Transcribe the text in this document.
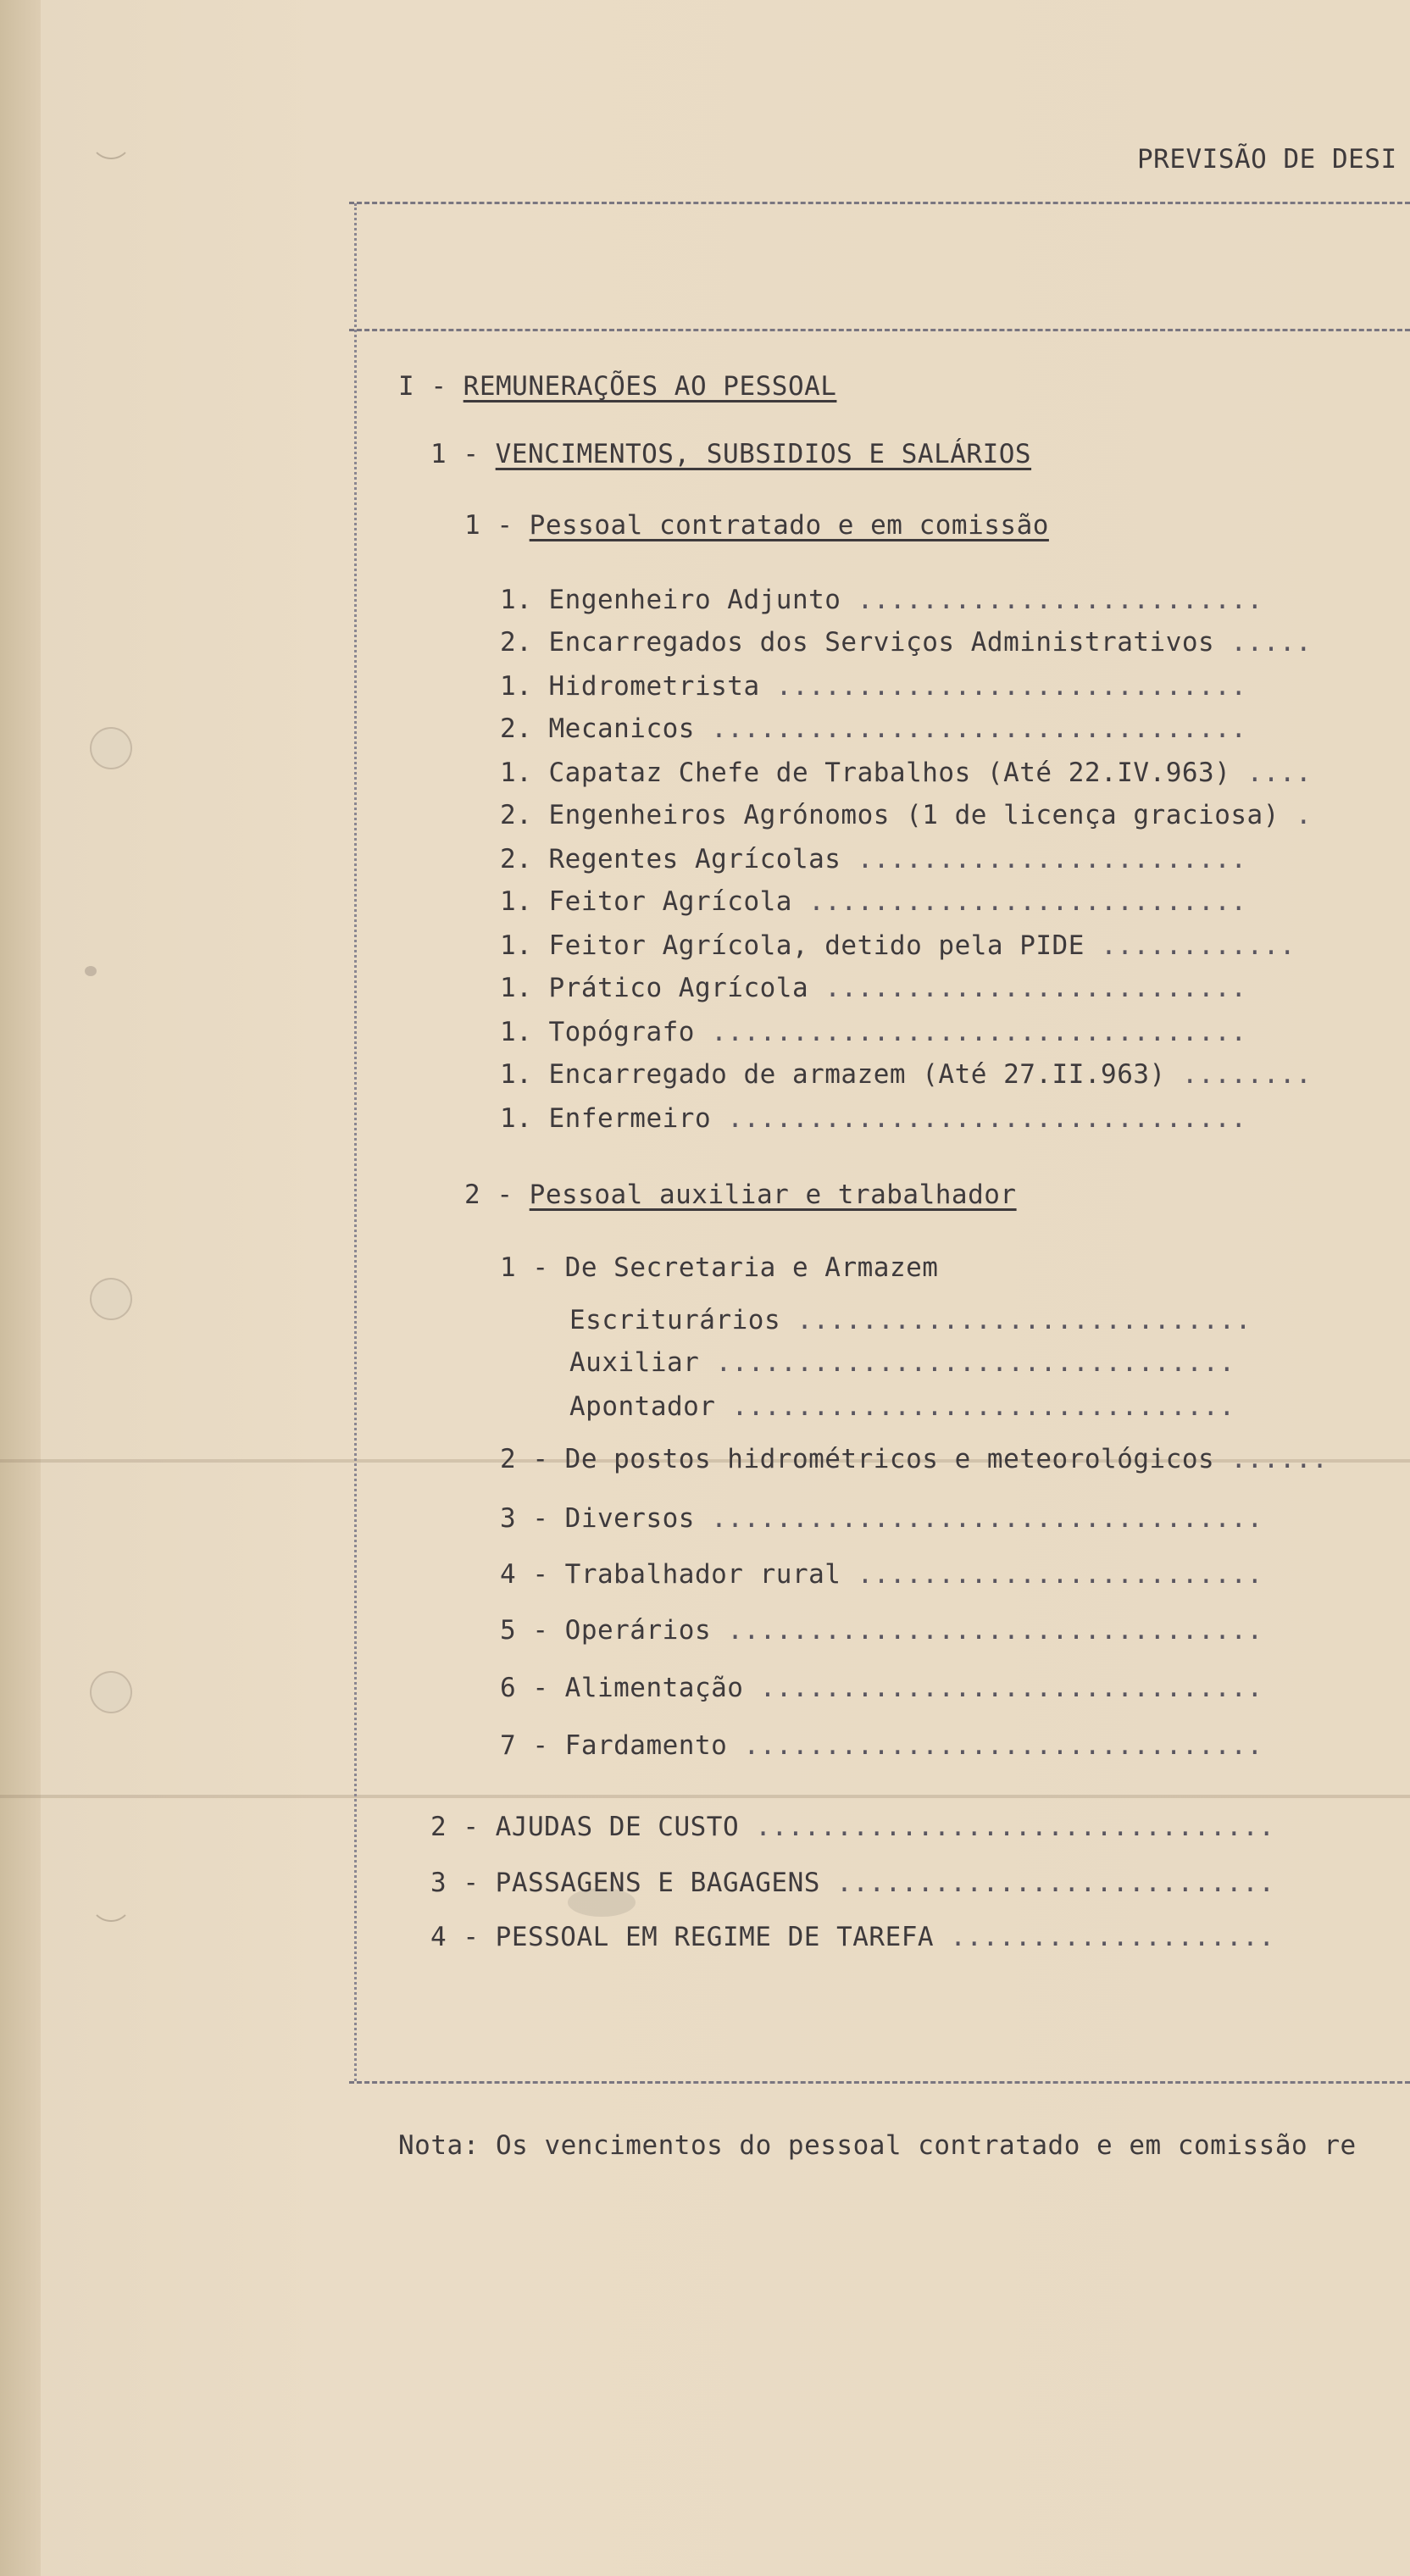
PREVISÃO DE DESI
I - REMUNERAÇÕES AO PESSOAL
1 - VENCIMENTOS, SUBSIDIOS E SALÁRIOS
1 - Pessoal contratado e em comissão
1. Engenheiro Adjunto .........................
2. Encarregados dos Serviços Administrativos .....
1. Hidrometrista .............................
2. Mecanicos .................................
1. Capataz Chefe de Trabalhos (Até 22.IV.963) ....
2. Engenheiros Agrónomos (1 de licença graciosa) .
2. Regentes Agrícolas ........................
1. Feitor Agrícola ...........................
1. Feitor Agrícola, detido pela PIDE ............
1. Prático Agrícola ..........................
1. Topógrafo .................................
1. Encarregado de armazem (Até 27.II.963) ........
1. Enfermeiro ................................
2 - Pessoal auxiliar e trabalhador
1 - De Secretaria e Armazem
Escriturários ............................
Auxiliar ................................
Apontador ...............................
2 - De postos hidrométricos e meteorológicos ......
3 - Diversos ..................................
4 - Trabalhador rural .........................
5 - Operários .................................
6 - Alimentação ...............................
7 - Fardamento ................................
2 - AJUDAS DE CUSTO ................................
3 - PASSAGENS E BAGAGENS ...........................
4 - PESSOAL EM REGIME DE TAREFA ....................
Nota: Os vencimentos do pessoal contratado e em comissão re
